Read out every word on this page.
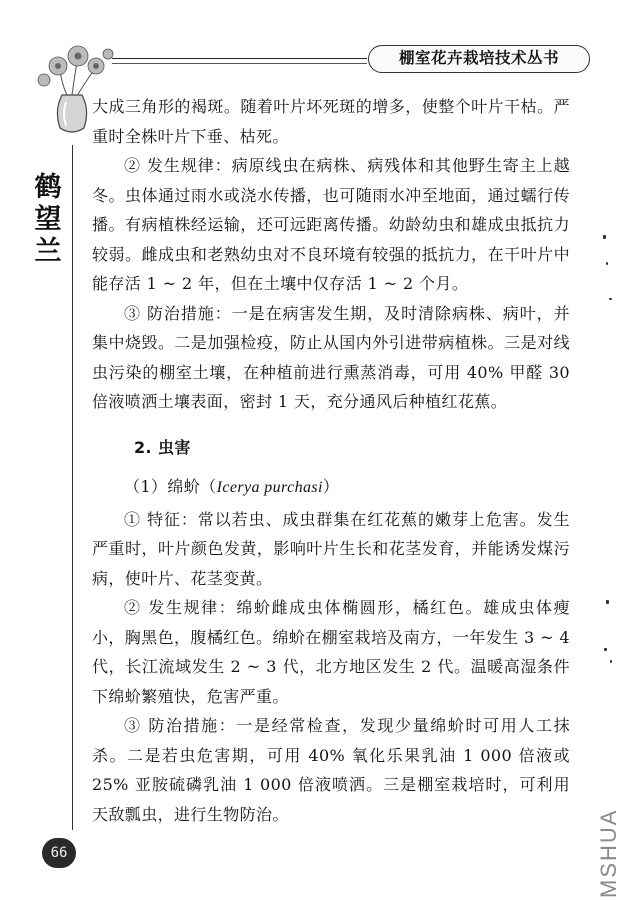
棚室花卉栽培技术丛书
鹤
望
兰

大成三角形的褐斑。随着叶片坏死斑的增多，使整个叶片干枯。严重时全株叶片下垂、枯死。

② 发生规律：病原线虫在病株、病残体和其他野生寄主上越冬。虫体通过雨水或浇水传播，也可随雨水冲至地面，通过蠕行传播。有病植株经运输，还可远距离传播。幼龄幼虫和雄成虫抵抗力较弱。雌成虫和老熟幼虫对不良环境有较强的抵抗力，在干叶片中能存活 1 ~ 2 年，但在土壤中仅存活 1 ~ 2 个月。

③ 防治措施：一是在病害发生期，及时清除病株、病叶，并集中烧毁。二是加强检疫，防止从国内外引进带病植株。三是对线虫污染的棚室土壤，在种植前进行熏蒸消毒，可用 40% 甲醛 30 倍液喷洒土壤表面，密封 1 天，充分通风后种植红花蕉。

2. 虫害

（1）绵蚧（Icerya purchasi）

① 特征：常以若虫、成虫群集在红花蕉的嫩芽上危害。发生严重时，叶片颜色发黄，影响叶片生长和花茎发育，并能诱发煤污病，使叶片、花茎变黄。

② 发生规律：绵蚧雌成虫体椭圆形，橘红色。雄成虫体瘦小，胸黑色，腹橘红色。绵蚧在棚室栽培及南方，一年发生 3 ~ 4 代，长江流域发生 2 ~ 3 代，北方地区发生 2 代。温暖高湿条件下绵蚧繁殖快，危害严重。

③ 防治措施：一是经常检查，发现少量绵蚧时可用人工抹杀。二是若虫危害期，可用 40% 氧化乐果乳油 1 000 倍液或 25% 亚胺硫磷乳油 1 000 倍液喷洒。三是棚室栽培时，可利用天敌瓢虫，进行生物防治。

66	MSHUA
